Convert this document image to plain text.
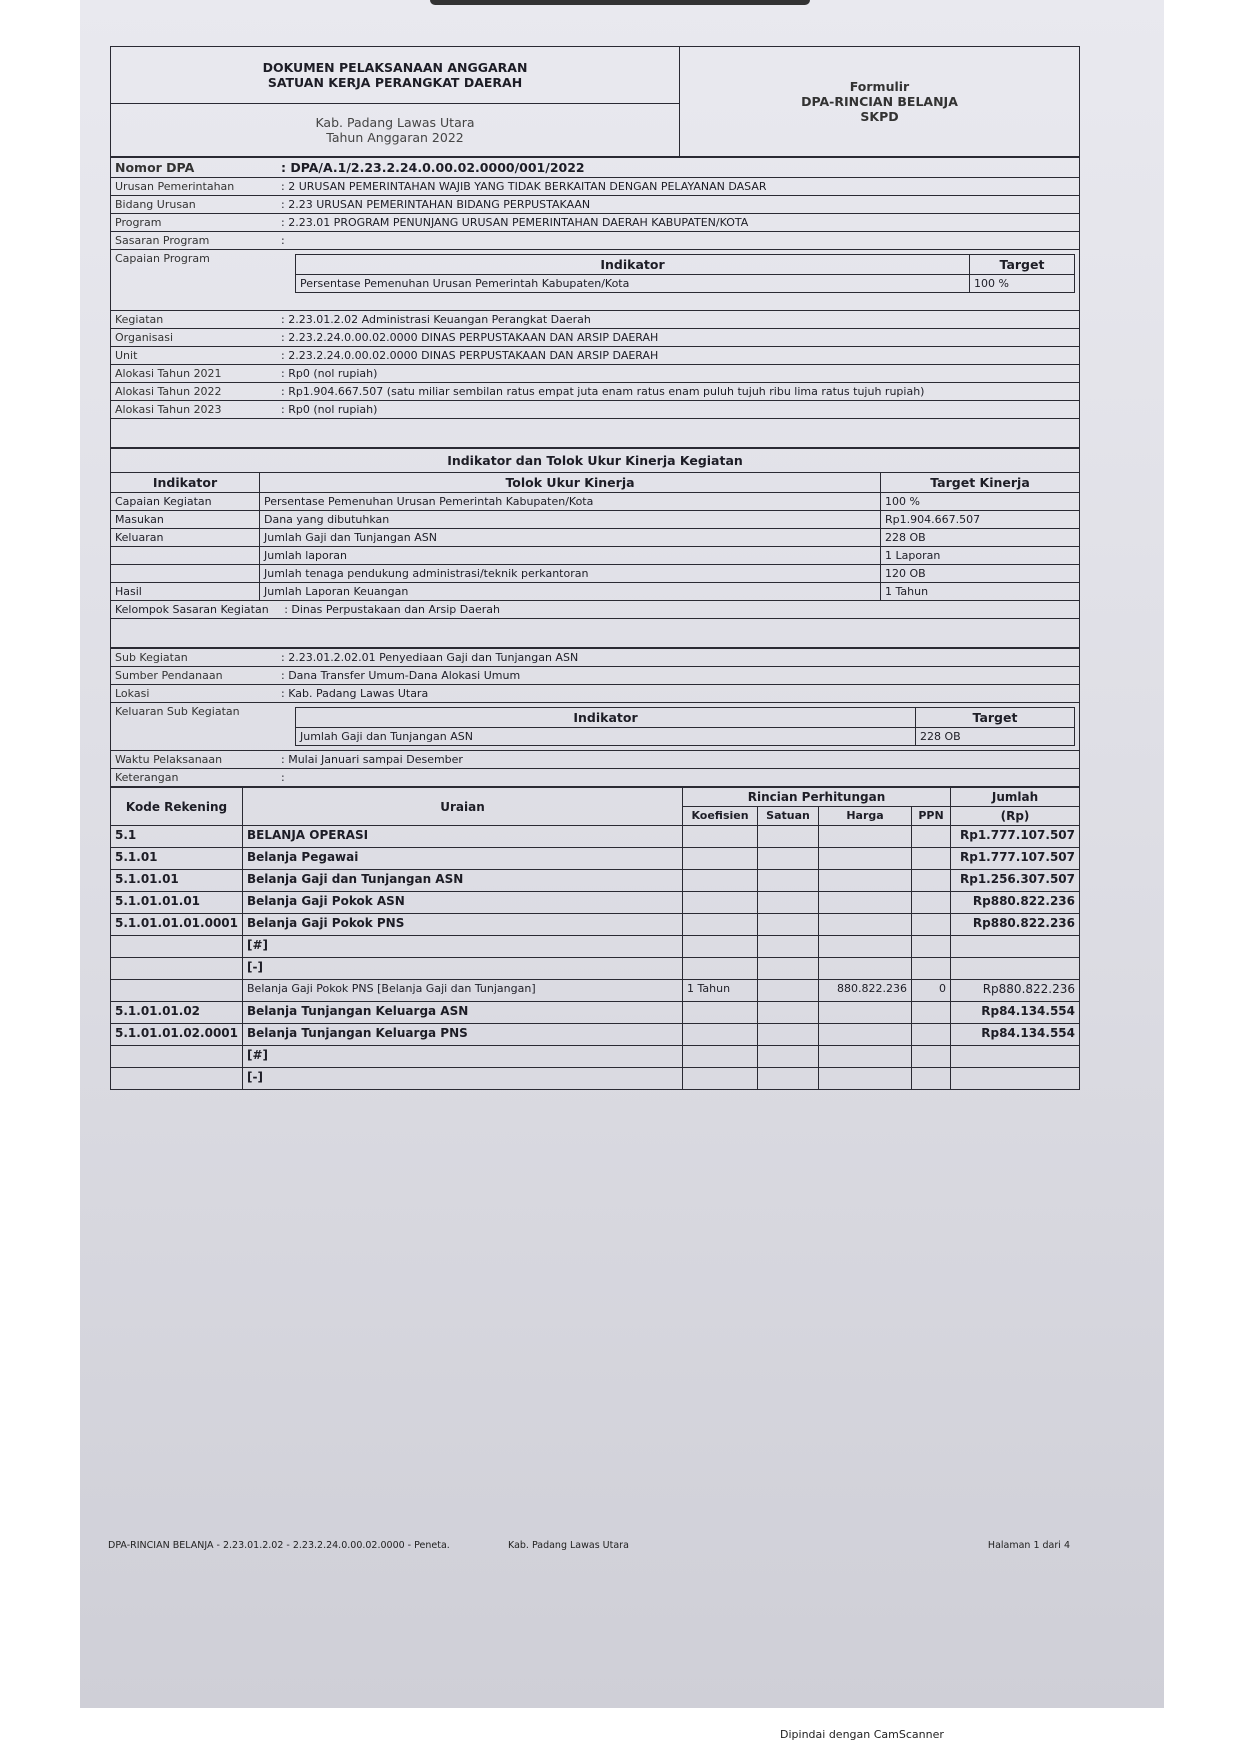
DOKUMEN PELAKSANAAN ANGGARAN
SATUAN KERJA PERANGKAT DAERAH	Formulir
DPA-RINCIAN BELANJA
SKPD

Kab. Padang Lawas Utara
Tahun Anggaran 2022
Nomor DPA	: DPA/A.1/2.23.2.24.0.00.02.0000/001/2022
Urusan Pemerintahan	: 2 URUSAN PEMERINTAHAN WAJIB YANG TIDAK BERKAITAN DENGAN PELAYANAN DASAR
Bidang Urusan	: 2.23 URUSAN PEMERINTAHAN BIDANG PERPUSTAKAAN
Program	: 2.23.01 PROGRAM PENUNJANG URUSAN PEMERINTAHAN DAERAH KABUPATEN/KOTA
Sasaran Program	:
Capaian Program		Indikator	Target
Persentase Pemenuhan Urusan Pemerintah Kabupaten/Kota	100 %

Kegiatan	: 2.23.01.2.02 Administrasi Keuangan Perangkat Daerah
Organisasi	: 2.23.2.24.0.00.02.0000 DINAS PERPUSTAKAAN DAN ARSIP DAERAH
Unit	: 2.23.2.24.0.00.02.0000 DINAS PERPUSTAKAAN DAN ARSIP DAERAH
Alokasi Tahun 2021	: Rp0 (nol rupiah)
Alokasi Tahun 2022	: Rp1.904.667.507 (satu miliar sembilan ratus empat juta enam ratus enam puluh tujuh ribu lima ratus tujuh rupiah)
Alokasi Tahun 2023	: Rp0 (nol rupiah)

Indikator dan Tolok Ukur Kinerja Kegiatan		
Indikator	Tolok Ukur Kinerja	Target Kinerja
Capaian Kegiatan	Persentase Pemenuhan Urusan Pemerintah Kabupaten/Kota	100 %
Masukan	Dana yang dibutuhkan	Rp1.904.667.507
Keluaran	Jumlah Gaji dan Tunjangan ASN	228 OB
	Jumlah laporan	1 Laporan
	Jumlah tenaga pendukung administrasi/teknik perkantoran	120 OB
Hasil	Jumlah Laporan Keuangan	1 Tahun
Kelompok Sasaran Kegiatan : Dinas Perpustakaan dan Arsip Daerah		

Sub Kegiatan	: 2.23.01.2.02.01 Penyediaan Gaji dan Tunjangan ASN
Sumber Pendanaan	: Dana Transfer Umum-Dana Alokasi Umum
Lokasi	: Kab. Padang Lawas Utara
Keluaran Sub Kegiatan		Indikator	Target
Jumlah Gaji dan Tunjangan ASN	228 OB

Waktu Pelaksanaan	: Mulai Januari sampai Desember
Keterangan	:
Kode Rekening	Uraian	Rincian Perhitungan				Jumlah
		Koefisien	Satuan	Harga	PPN	(Rp)
5.1	BELANJA OPERASI					Rp1.777.107.507
5.1.01	Belanja Pegawai					Rp1.777.107.507
5.1.01.01	Belanja Gaji dan Tunjangan ASN					Rp1.256.307.507
5.1.01.01.01	Belanja Gaji Pokok ASN					Rp880.822.236
5.1.01.01.01.0001	Belanja Gaji Pokok PNS					Rp880.822.236
	[#]					
	[-]					
	Belanja Gaji Pokok PNS [Belanja Gaji dan Tunjangan]	1 Tahun		880.822.236	0	Rp880.822.236
5.1.01.01.02	Belanja Tunjangan Keluarga ASN					Rp84.134.554
5.1.01.01.02.0001	Belanja Tunjangan Keluarga PNS					Rp84.134.554
	[#]					
	[-]					
DPA-RINCIAN BELANJA - 2.23.01.2.02 - 2.23.2.24.0.00.02.0000 - Peneta.	Kab. Padang Lawas Utara	Halaman 1 dari 4
Dipindai dengan CamScanner
